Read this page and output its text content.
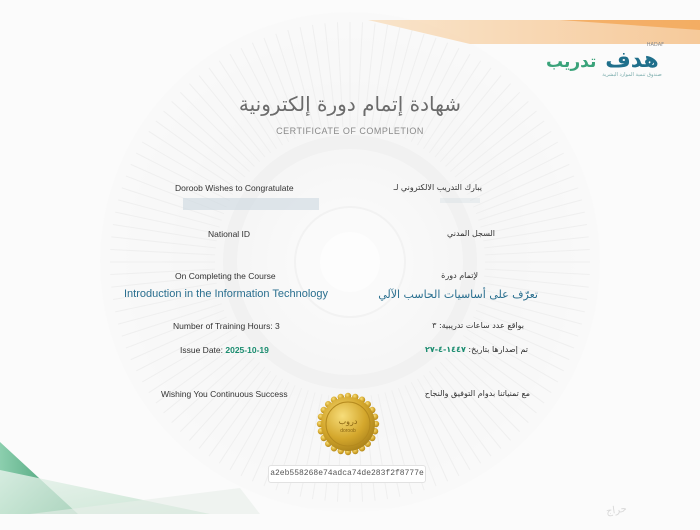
HADAF
هدف
صندوق تنمية الموارد البشرية
تدريب
شهادة إتمام دورة إلكترونية
CERTIFICATE OF COMPLETION
Doroob Wishes to Congratulate	يبارك التدريب الالكتروني لـ
National ID	السجل المدني
On Completing the Course	لإتمام دورة
Introduction in the Information Technology	تعرّف على أساسيات الحاسب الآلي
Number of Training Hours: 3	بواقع عدد ساعات تدريبية: ٣
Issue Date: 2025-10-19	تم إصدارها بتاريخ: ١٤٤٧-٤-٢٧
Wishing You Continuous Success	مع تمنياتنا بدوام التوفيق والنجاح
دروب
doroob
a2eb558268e74adca74de283f2f8777e
حراج
